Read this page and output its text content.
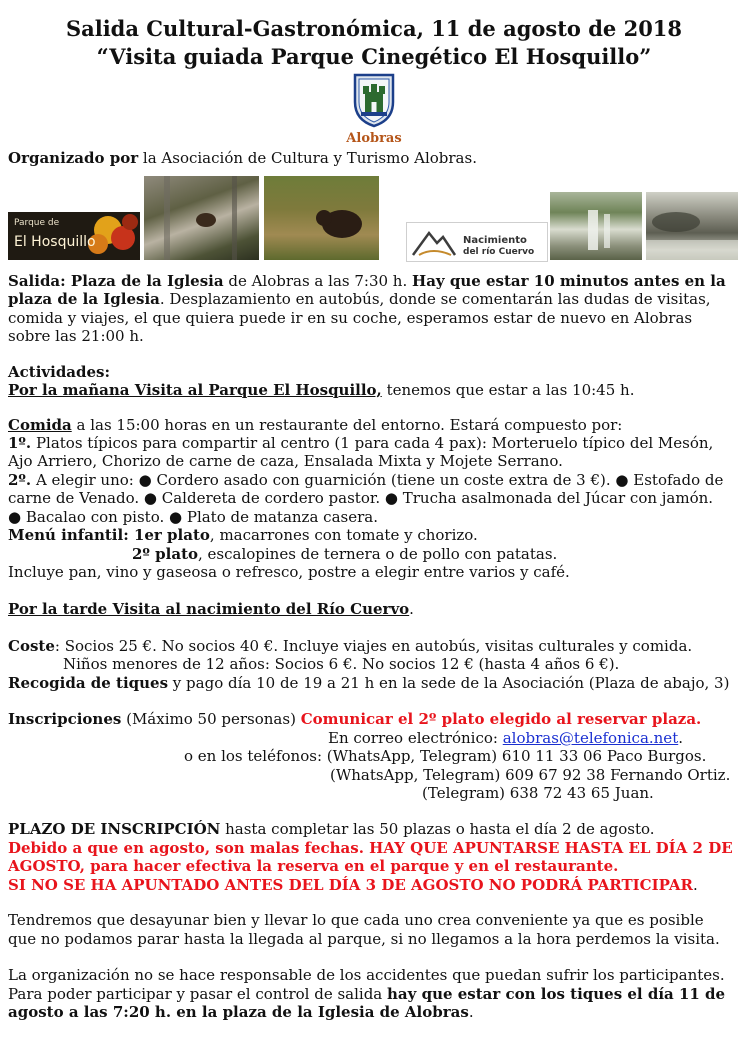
Salida Cultural-Gastronómica, 11 de agosto de 2018
“Visita guiada Parque Cinegético El Hosquillo”
Alobras
Organizado por la Asociación de Cultura y Turismo Alobras.
Parque de
El Hosquillo	Nacimiento
del río Cuervo
Salida: Plaza de la Iglesia de Alobras a las 7:30 h. Hay que estar 10 minutos antes en la
plaza de la Iglesia. Desplazamiento en autobús, donde se comentarán las dudas de visitas,
comida y viajes, el que quiera puede ir en su coche, esperamos estar de nuevo en Alobras
sobre las 21:00 h.
Actividades:
Por la mañana Visita al Parque El Hosquillo, tenemos que estar a las 10:45 h.
Comida a las 15:00 horas en un restaurante del entorno. Estará compuesto por:
1º. Platos típicos para compartir al centro (1 para cada 4 pax): Morteruelo típico del Mesón,
Ajo Arriero, Chorizo de carne de caza, Ensalada Mixta y Mojete Serrano.
2º. A elegir uno: ● Cordero asado con guarnición (tiene un coste extra de 3 €). ● Estofado de
carne de Venado. ● Caldereta de cordero pastor. ● Trucha asalmonada del Júcar con jamón.
● Bacalao con pisto. ● Plato de matanza casera.
Menú infantil: 1er plato, macarrones con tomate y chorizo.
2º plato, escalopines de ternera o de pollo con patatas.
Incluye pan, vino y gaseosa o refresco, postre a elegir entre varios y café.
Por la tarde Visita al nacimiento del Río Cuervo.
Coste: Socios 25 €. No socios 40 €. Incluye viajes en autobús, visitas culturales y comida.
Niños menores de 12 años: Socios 6 €. No socios 12 € (hasta 4 años 6 €).
Recogida de tiques y pago día 10 de 19 a 21 h en la sede de la Asociación (Plaza de abajo, 3)
Inscripciones (Máximo 50 personas) Comunicar el 2º plato elegido al reservar plaza.
En correo electrónico: alobras@telefonica.net.
o en los teléfonos: (WhatsApp, Telegram) 610 11 33 06 Paco Burgos.
(WhatsApp, Telegram) 609 67 92 38 Fernando Ortiz.
(Telegram) 638 72 43 65 Juan.
PLAZO DE INSCRIPCIÓN hasta completar las 50 plazas o hasta el día 2 de agosto.
Debido a que en agosto, son malas fechas. HAY QUE APUNTARSE HASTA EL DÍA 2 DE
AGOSTO, para hacer efectiva la reserva en el parque y en el restaurante.
SI NO SE HA APUNTADO ANTES DEL DÍA 3 DE AGOSTO NO PODRÁ PARTICIPAR.
Tendremos que desayunar bien y llevar lo que cada uno crea conveniente ya que es posible
que no podamos parar hasta la llegada al parque, si no llegamos a la hora perdemos la visita.
La organización no se hace responsable de los accidentes que puedan sufrir los participantes.
Para poder participar y pasar el control de salida hay que estar con los tiques el día 11 de
agosto a las 7:20 h. en la plaza de la Iglesia de Alobras.
